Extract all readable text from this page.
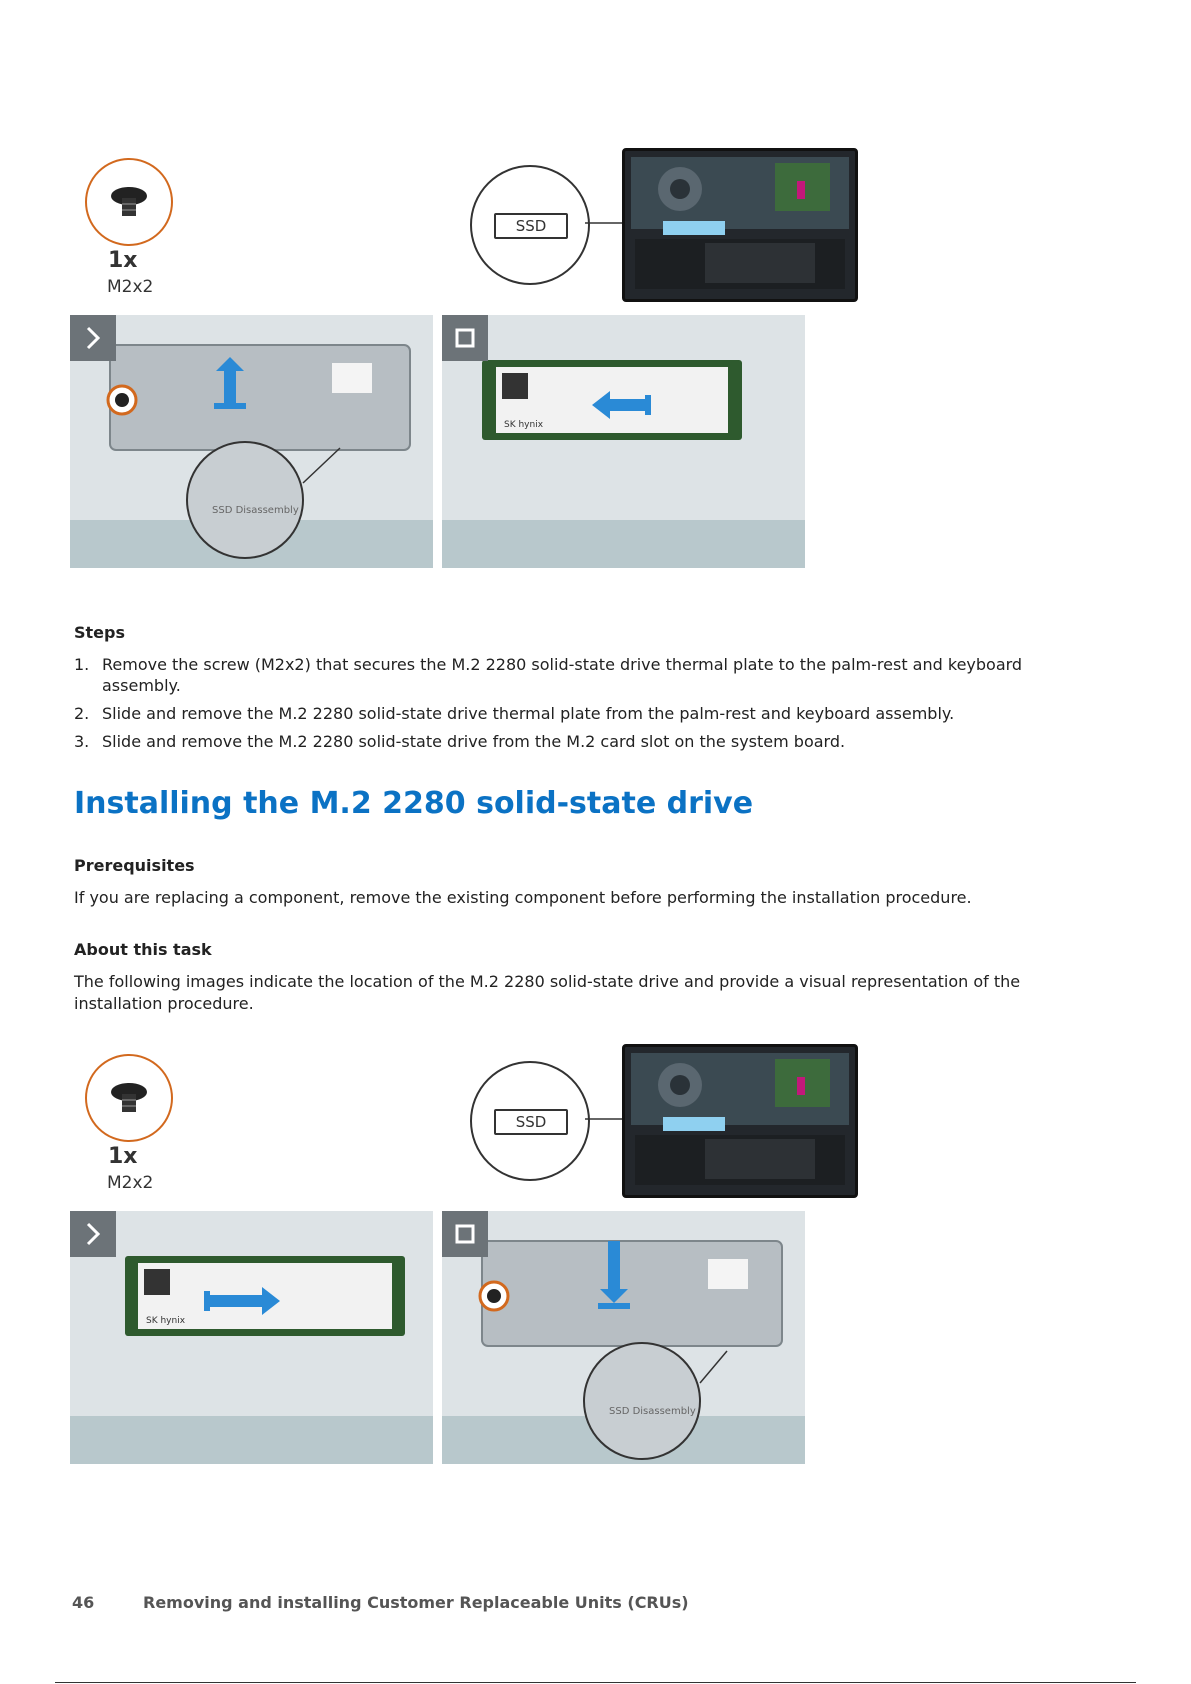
1x
M2x2
SSD
SSD Disassembly
SK hynix
Steps
1. Remove the screw (M2x2) that secures the M.2 2280 solid-state drive thermal plate to the palm-rest and keyboard assembly.
2. Slide and remove the M.2 2280 solid-state drive thermal plate from the palm-rest and keyboard assembly.
3. Slide and remove the M.2 2280 solid-state drive from the M.2 card slot on the system board.
Installing the M.2 2280 solid-state drive
Prerequisites
If you are replacing a component, remove the existing component before performing the installation procedure.
About this task
The following images indicate the location of the M.2 2280 solid-state drive and provide a visual representation of the installation procedure.
1x
M2x2
SSD
SK hynix
SSD Disassembly
46	Removing and installing Customer Replaceable Units (CRUs)
